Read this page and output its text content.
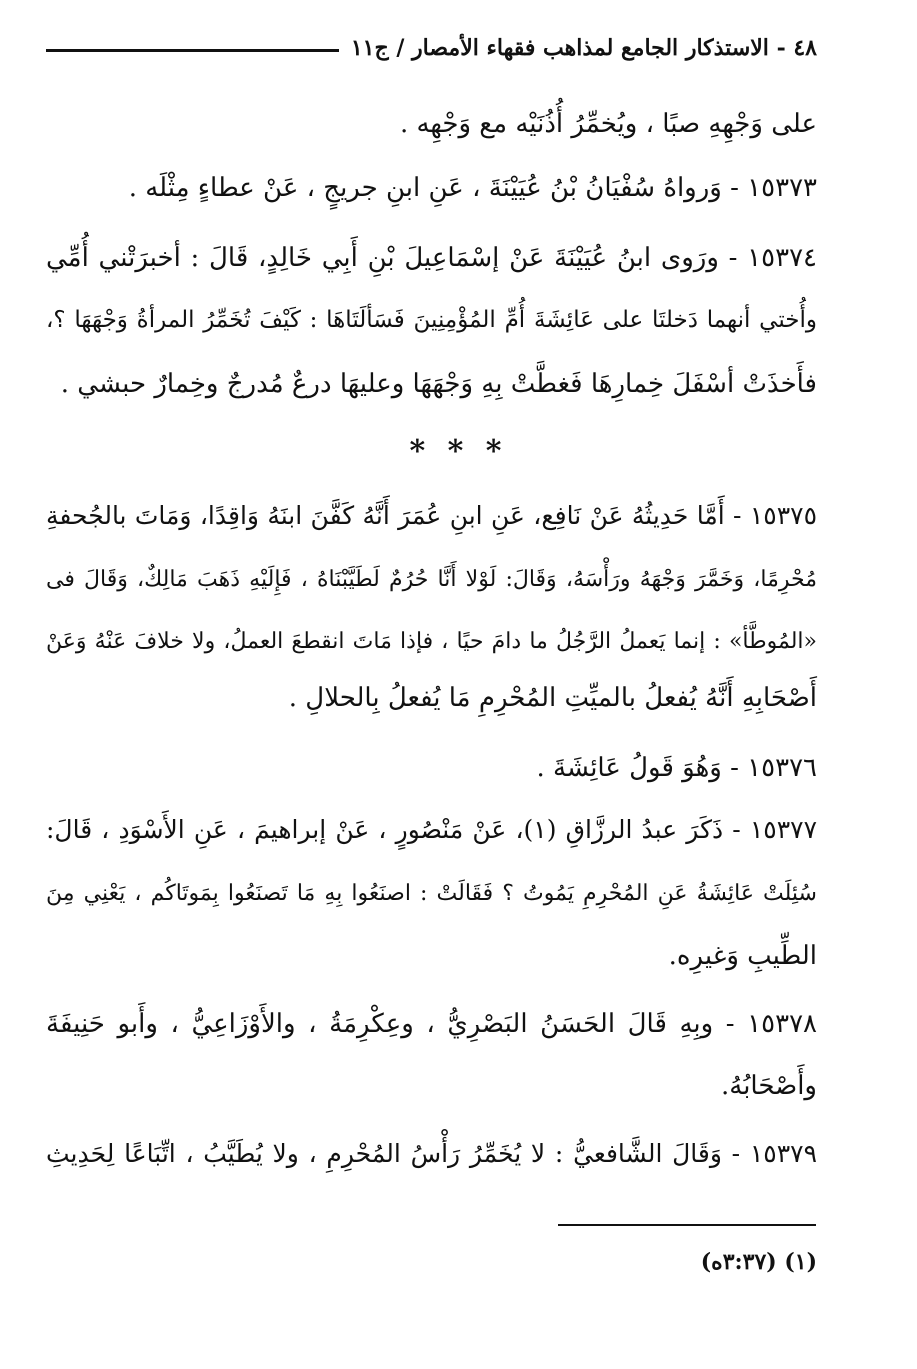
٤٨ - الاستذكار الجامع لمذاهب فقهاء الأمصار / ج١١
على وَجْهِهِ صبًا ، ويُخمِّرُ أُذُنَيْه مع وَجْهِه .
١٥٣٧٣ - وَرواهُ سُفْيَانُ بْنُ عُيَيْنَةَ ، عَنِ ابنِ جريجٍ ، عَنْ عطاءٍ مِثْلَه .
١٥٣٧٤ - ورَوى ابنُ عُيَيْنَةَ عَنْ إسْمَاعِيلَ بْنِ أَبِي خَالِدٍ، قَالَ : أخبرَتْني أُمِّي
وأُختي أنهما دَخلتَا على عَائِشَةَ أُمِّ المُؤْمِنِينَ فَسَألَتَاهَا : كَيْفَ تُخَمِّرُ المرأةُ وَجْهَهَا ؟،
فأَخذَتْ أسْفَلَ خِمارِهَا فَغطَّتْ بِهِ وَجْهَهَا وعليهَا درعٌ مُدرجٌ وخِمارٌ حبشي .
* * *
١٥٣٧٥ - أَمَّا حَدِيثُهُ عَنْ نَافِع، عَنِ ابنِ عُمَرَ أَنَّهُ كَفَّنَ ابنَهُ وَاقِدًا، وَمَاتَ بالجُحفةِ
مُحْرِمًا، وَخَمَّرَ وَجْهَهُ ورَأْسَهُ، وَقَالَ: لَوْلا أَنَّا حُرُمٌ لَطَيَّبْنَاهُ ، فَإِلَيْهِ ذَهَبَ مَالِكٌ، وَقَالَ فى
«المُوطَّأ» : إنما يَعملُ الرَّجُلُ ما دامَ حيًا ، فإذا مَاتَ انقطعَ العملُ، ولا خلافَ عَنْهُ وَعَنْ
أَصْحَابِهِ أَنَّهُ يُفعلُ بالميِّتِ المُحْرِمِ مَا يُفعلُ بِالحلالِ .
١٥٣٧٦ - وَهُوَ قَولُ عَائِشَةَ .
١٥٣٧٧ - ذَكَرَ عبدُ الرزَّاقِ (١)، عَنْ مَنْصُورٍ ، عَنْ إبراهيمَ ، عَنِ الأَسْوَدِ ، قَالَ:
سُئِلَتْ عَائِشَةُ عَنِ المُحْرِمِ يَمُوتُ ؟ فَقَالَتْ : اصنَعُوا بِهِ مَا تَصنَعُوا بِمَوتَاكُم ، يَعْنِي مِنَ
الطِّيبِ وَغيرِه.
١٥٣٧٨ - وبِهِ قَالَ الحَسَنُ البَصْرِيُّ ، وعِكْرِمَةُ ، والأَوْزَاعِيُّ ، وأَبو حَنِيفَةَ
وأَصْحَابُهُ.
١٥٣٧٩ - وَقَالَ الشَّافعيُّ : لا يُخَمِّرُ رَأْسُ المُحْرِمِ ، ولا يُطَيَّبُ ، اتِّبَاعًا لِحَدِيثِ
(١) (٣:٣٧ه)
